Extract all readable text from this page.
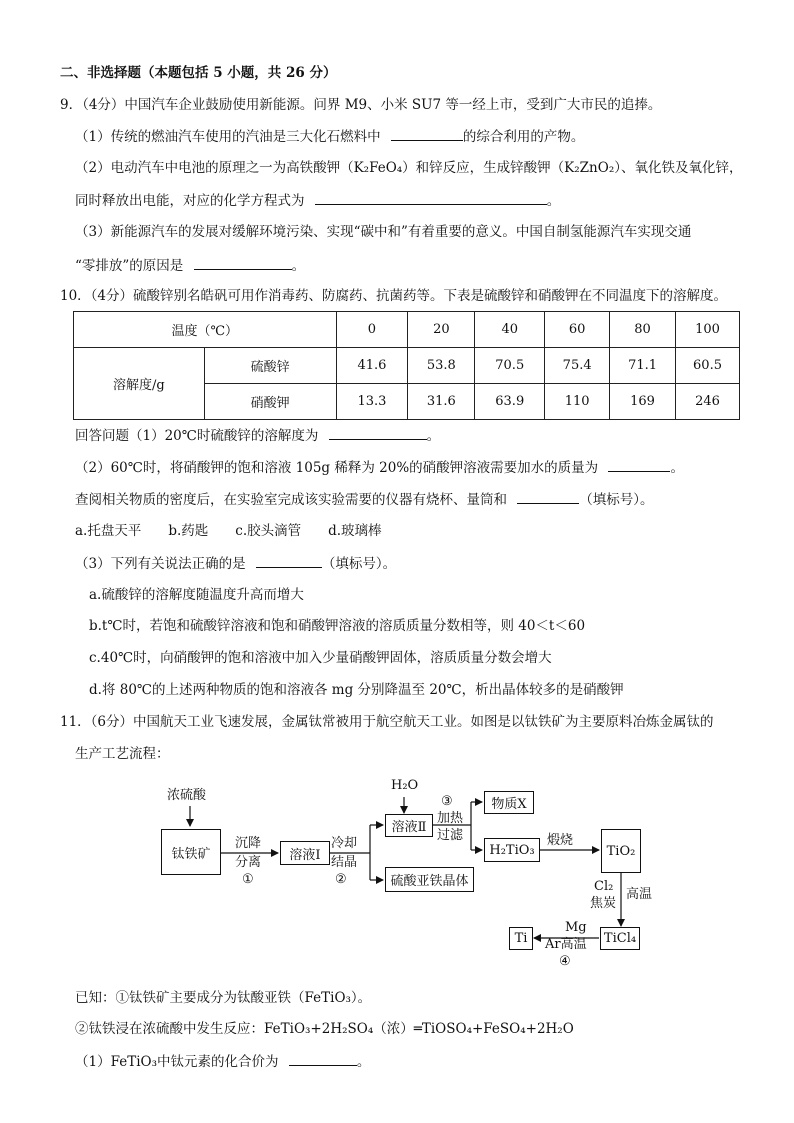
二、非选择题（本题包括 5 小题，共 26 分）
9．（4分）中国汽车企业鼓励使用新能源。问界 M9、小米 SU7 等一经上市，受到广大市民的追捧。
（1）传统的燃油汽车使用的汽油是三大化石燃料中	的综合利用的产物。
（2）电动汽车中电池的原理之一为高铁酸钾（K₂FeO₄）和锌反应，生成锌酸钾（K₂ZnO₂）、氧化铁及氧化锌，
同时释放出电能，对应的化学方程式为	。
（3）新能源汽车的发展对缓解环境污染、实现“碳中和”有着重要的意义。中国自制氢能源汽车实现交通
“零排放”的原因是	。
10．（4分）硫酸锌别名皓矾可用作消毒药、防腐药、抗菌药等。下表是硫酸锌和硝酸钾在不同温度下的溶解度。
温度（℃）		0	20	40	60	80	100
溶解度/g	硫酸锌	41.6	53.8	70.5	75.4	71.1	60.5
	硝酸钾	13.3	31.6	63.9	110	169	246
回答问题（1）20℃时硫酸锌的溶解度为	。
（2）60℃时，将硝酸钾的饱和溶液 105g 稀释为 20%的硝酸钾溶液需要加水的质量为	。
查阅相关物质的密度后，在实验室完成该实验需要的仪器有烧杯、量筒和	（填标号）。
a.托盘天平　　b.药匙　　c.胶头滴管　　d.玻璃棒
（3）下列有关说法正确的是	（填标号）。
a.硫酸锌的溶解度随温度升高而增大
b.t℃时，若饱和硫酸锌溶液和饱和硝酸钾溶液的溶质质量分数相等，则 40＜t＜60
c.40℃时，向硝酸钾的饱和溶液中加入少量硝酸钾固体，溶质质量分数会增大
d.将 80℃的上述两种物质的饱和溶液各 mg 分别降温至 20℃，析出晶体较多的是硝酸钾
11．（6分）中国航天工业飞速发展，金属钛常被用于航空航天工业。如图是以钛铁矿为主要原料冶炼金属钛的
生产工艺流程：
浓硫酸
钛铁矿
沉降
分离
①
溶液Ⅰ
冷却
结晶
②
H₂O
溶液Ⅱ
硫酸亚铁晶体
③
加热
过滤
物质X
H₂TiO₃
煅烧
TiO₂
Cl₂
焦炭
高温
TiCl₄
Mg
Ar高温
④
Ti
已知：①钛铁矿主要成分为钛酸亚铁（FeTiO₃）。
②钛铁浸在浓硫酸中发生反应：FeTiO₃+2H₂SO₄（浓）═TiOSO₄+FeSO₄+2H₂O
（1）FeTiO₃中钛元素的化合价为	。
